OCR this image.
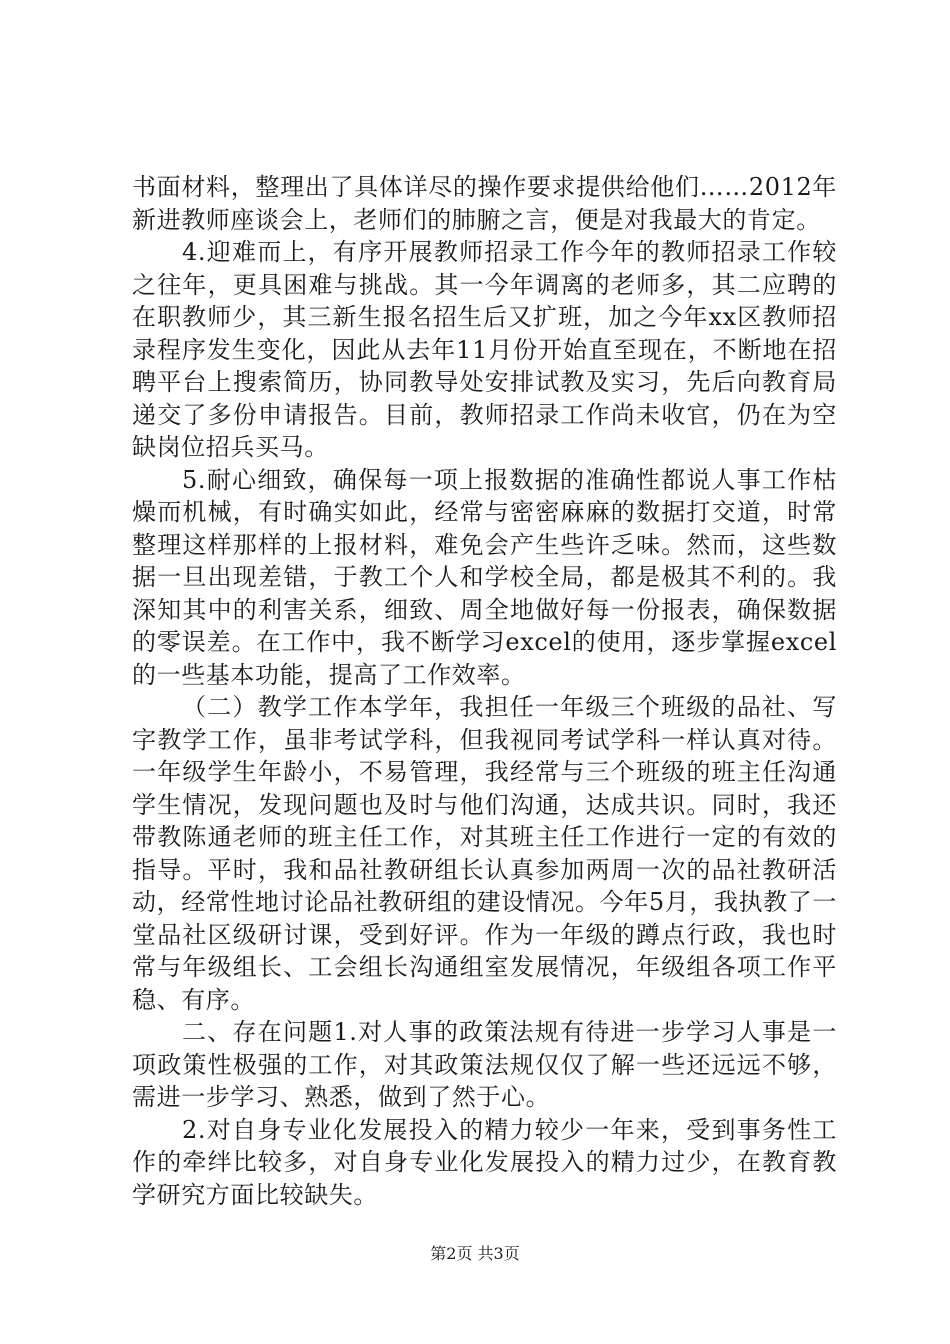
书面材料，整理出了具体详尽的操作要求提供给他们……2012年新进教师座谈会上，老师们的肺腑之言，便是对我最大的肯定。

4.迎难而上，有序开展教师招录工作今年的教师招录工作较之往年，更具困难与挑战。其一今年调离的老师多，其二应聘的在职教师少，其三新生报名招生后又扩班，加之今年xx区教师招录程序发生变化，因此从去年11月份开始直至现在，不断地在招聘平台上搜索简历，协同教导处安排试教及实习，先后向教育局递交了多份申请报告。目前，教师招录工作尚未收官，仍在为空缺岗位招兵买马。

5.耐心细致，确保每一项上报数据的准确性都说人事工作枯燥而机械，有时确实如此，经常与密密麻麻的数据打交道，时常整理这样那样的上报材料，难免会产生些许乏味。然而，这些数据一旦出现差错，于教工个人和学校全局，都是极其不利的。我深知其中的利害关系，细致、周全地做好每一份报表，确保数据的零误差。在工作中，我不断学习excel的使用，逐步掌握excel的一些基本功能，提高了工作效率。

（二）教学工作本学年，我担任一年级三个班级的品社、写字教学工作，虽非考试学科，但我视同考试学科一样认真对待。一年级学生年龄小，不易管理，我经常与三个班级的班主任沟通学生情况，发现问题也及时与他们沟通，达成共识。同时，我还带教陈通老师的班主任工作，对其班主任工作进行一定的有效的指导。平时，我和品社教研组长认真参加两周一次的品社教研活动，经常性地讨论品社教研组的建设情况。今年5月，我执教了一堂品社区级研讨课，受到好评。作为一年级的蹲点行政，我也时常与年级组长、工会组长沟通组室发展情况，年级组各项工作平稳、有序。

二、存在问题1.对人事的政策法规有待进一步学习人事是一项政策性极强的工作，对其政策法规仅仅了解一些还远远不够，需进一步学习、熟悉，做到了然于心。

2.对自身专业化发展投入的精力较少一年来，受到事务性工作的牵绊比较多，对自身专业化发展投入的精力过少，在教育教学研究方面比较缺失。

第2页 共3页
